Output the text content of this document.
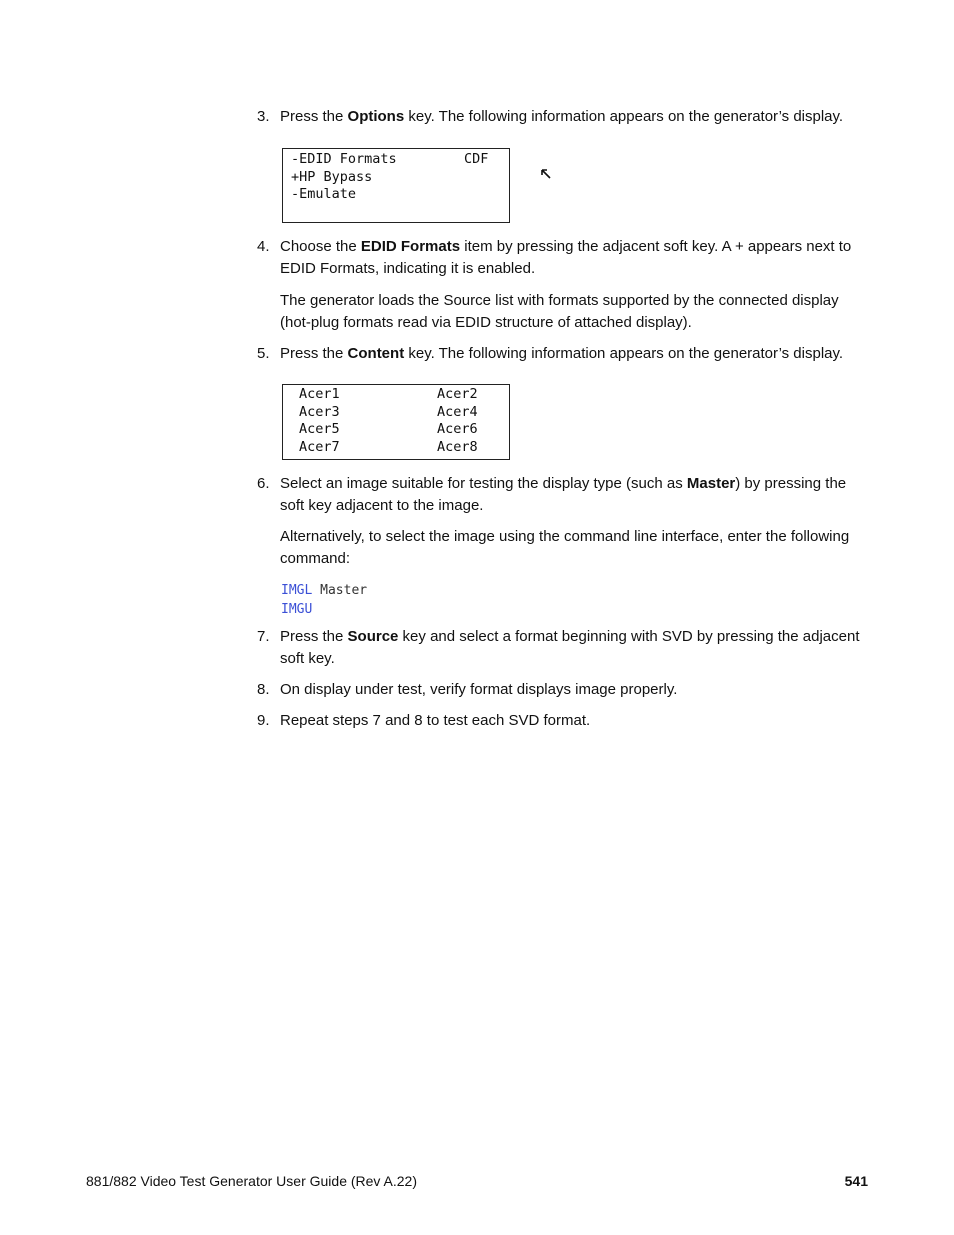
3. Press the Options key. The following information appears on the generator’s display.
-EDID Formats	CDF

+HP Bypass
-Emulate
4. Choose the EDID Formats item by pressing the adjacent soft key. A + appears next to EDID Formats, indicating it is enabled.
The generator loads the Source list with formats supported by the connected display (hot-plug formats read via EDID structure of attached display).
5. Press the Content key. The following information appears on the generator’s display.
Acer1	Acer2
Acer3	Acer4
Acer5	Acer6
Acer7	Acer8
6. Select an image suitable for testing the display type (such as Master) by pressing the soft key adjacent to the image.
Alternatively, to select the image using the command line interface, enter the following command:
IMGL Master
IMGU
7. Press the Source key and select a format beginning with SVD by pressing the adjacent soft key.
8. On display under test, verify format displays image properly.
9. Repeat steps 7 and 8 to test each SVD format.
881/882 Video Test Generator User Guide (Rev A.22)	541
